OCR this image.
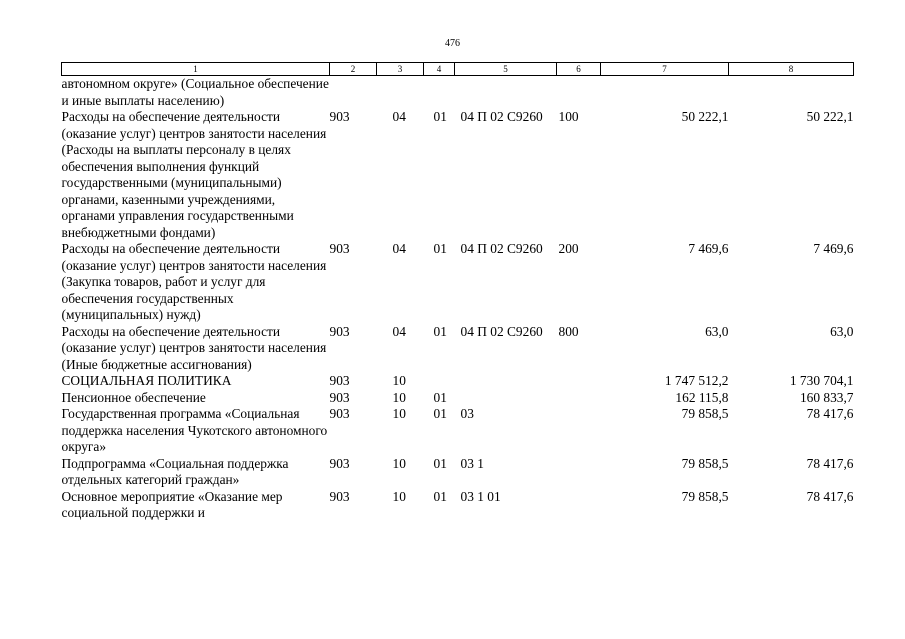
476
1	2	3	4	5	6	7	8
автономном округе» (Социальное обеспечение и иные выплаты населению)							
Расходы на обеспечение деятельности (оказание услуг) центров занятости населения (Расходы на выплаты персоналу в целях обеспечения выполнения функций государственными (муниципальными) органами, казенными учреждениями, органами управления государственными внебюджетными фондами)	903	04	01	04 П 02 С9260	100	50 222,1	50 222,1
Расходы на обеспечение деятельности (оказание услуг) центров занятости населения (Закупка товаров, работ и услуг для обеспечения государственных (муниципальных) нужд)	903	04	01	04 П 02 С9260	200	7 469,6	7 469,6
Расходы на обеспечение деятельности (оказание услуг) центров занятости населения (Иные бюджетные ассигнования)	903	04	01	04 П 02 С9260	800	63,0	63,0
СОЦИАЛЬНАЯ ПОЛИТИКА	903	10				1 747 512,2	1 730 704,1
Пенсионное обеспечение	903	10	01			162 115,8	160 833,7
Государственная программа «Социальная поддержка населения Чукотского автономного округа»	903	10	01	03		79 858,5	78 417,6
Подпрограмма «Социальная поддержка отдельных категорий граждан»	903	10	01	03 1		79 858,5	78 417,6
Основное мероприятие «Оказание мер социальной поддержки и	903	10	01	03 1 01		79 858,5	78 417,6
